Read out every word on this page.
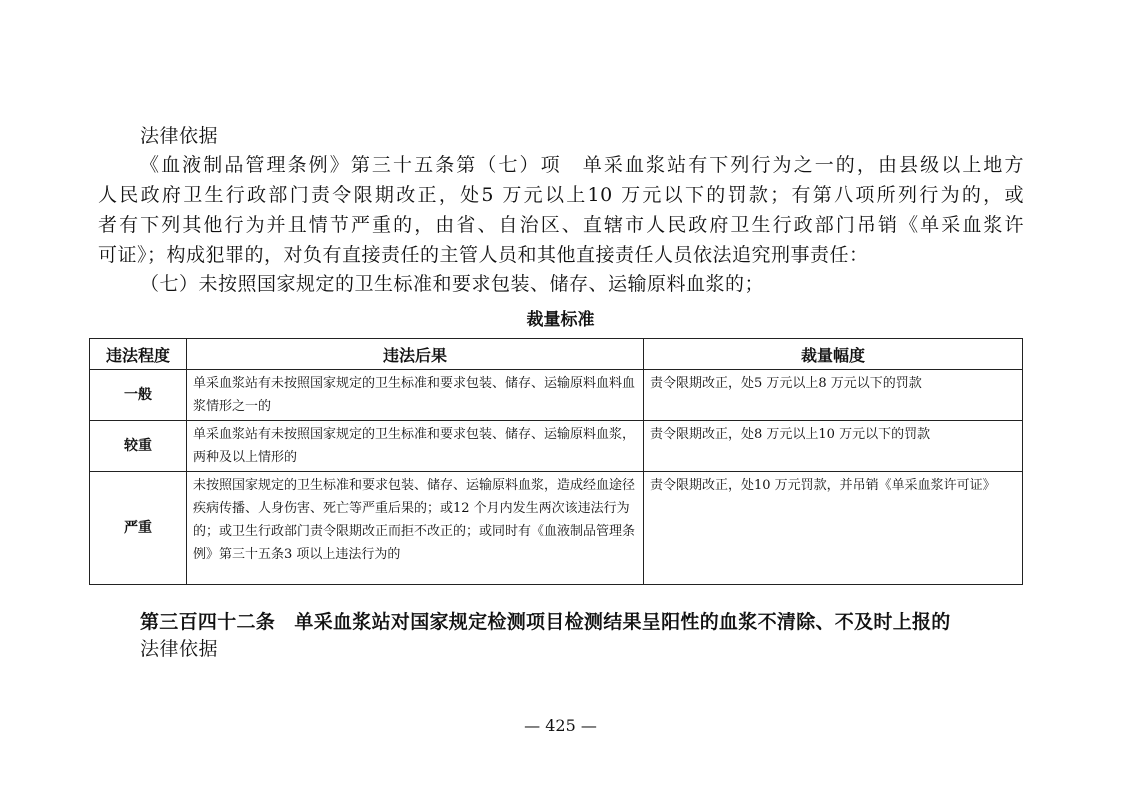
法律依据
《血液制品管理条例》第三十五条第（七）项　单采血浆站有下列行为之一的，由县级以上地方
人民政府卫生行政部门责令限期改正，处5 万元以上10 万元以下的罚款；有第八项所列行为的，或
者有下列其他行为并且情节严重的，由省、自治区、直辖市人民政府卫生行政部门吊销《单采血浆许
可证》；构成犯罪的，对负有直接责任的主管人员和其他直接责任人员依法追究刑事责任：
（七）未按照国家规定的卫生标准和要求包装、储存、运输原料血浆的；
裁量标准
违法程度	违法后果	裁量幅度
一般	单采血浆站有未按照国家规定的卫生标准和要求包装、储存、运输原料血料血浆情形之一的	责令限期改正，处5 万元以上8 万元以下的罚款
较重	单采血浆站有未按照国家规定的卫生标准和要求包装、储存、运输原料血浆，两种及以上情形的	责令限期改正，处8 万元以上10 万元以下的罚款
严重	未按照国家规定的卫生标准和要求包装、储存、运输原料血浆，造成经血途径疾病传播、人身伤害、死亡等严重后果的；或12 个月内发生两次该违法行为的；或卫生行政部门责令限期改正而拒不改正的；或同时有《血液制品管理条例》第三十五条3 项以上违法行为的	责令限期改正，处10 万元罚款，并吊销《单采血浆许可证》
第三百四十二条　单采血浆站对国家规定检测项目检测结果呈阳性的血浆不清除、不及时上报的
法律依据
— 425 —
